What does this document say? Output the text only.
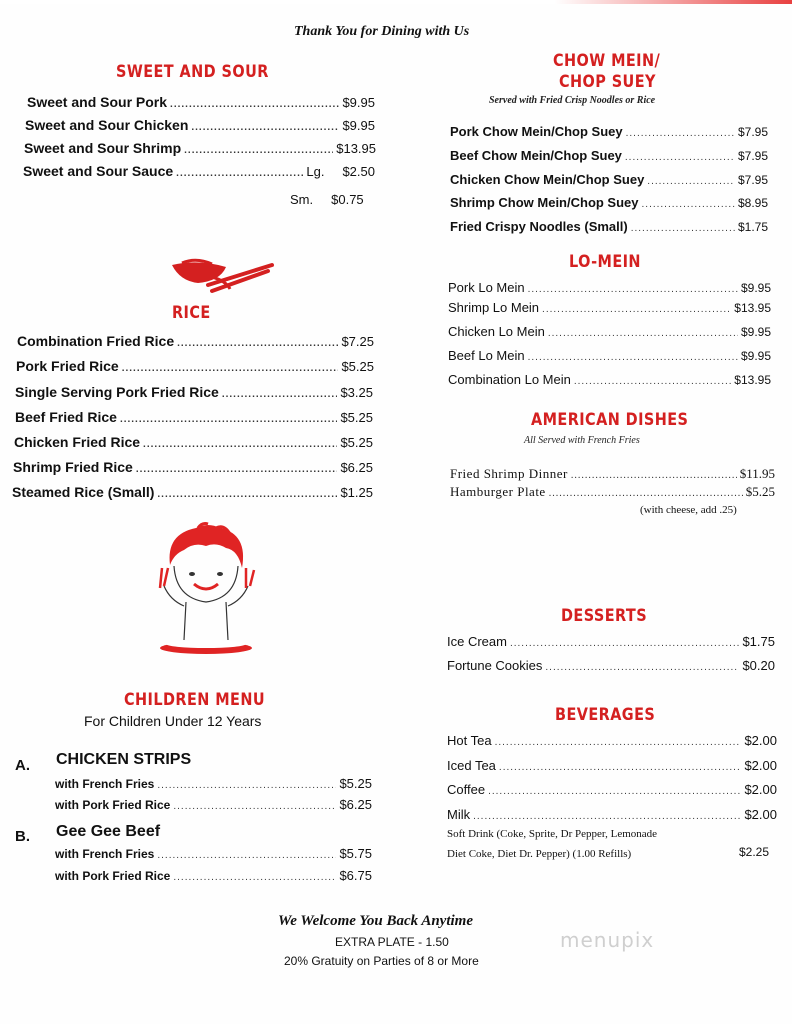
Thank You for Dining with Us
SWEET AND SOUR
Sweet and Sour Pork .....	$9.95
Sweet and Sour Chicken .....	$9.95
Sweet and Sour Shrimp .....	$13.95
Sweet and Sour Sauce .....	Lg. $2.50
Sm. $0.75
RICE
Combination Fried Rice .....	$7.25
Pork Fried Rice .....	$5.25
Single Serving Pork Fried Rice .....	$3.25
Beef Fried Rice .....	$5.25
Chicken Fried Rice .....	$5.25
Shrimp Fried Rice .....	$6.25
Steamed Rice (Small) .....	$1.25
CHILDREN MENU
For Children Under 12 Years
A. CHICKEN STRIPS
with French Fries .....	$5.25
with Pork Fried Rice .....	$6.25
B. Gee Gee Beef
with French Fries .....	$5.75
with Pork Fried Rice .....	$6.75
CHOW MEIN/
CHOP SUEY
Served with Fried Crisp Noodles or Rice
Pork Chow Mein/Chop Suey .....	$7.95
Beef Chow Mein/Chop Suey .....	$7.95
Chicken Chow Mein/Chop Suey .....	$7.95
Shrimp Chow Mein/Chop Suey .....	$8.95
Fried Crispy Noodles (Small) .....	$1.75
LO-MEIN
Pork Lo Mein .....	$9.95
Shrimp Lo Mein .....	$13.95
Chicken Lo Mein .....	$9.95
Beef Lo Mein .....	$9.95
Combination Lo Mein .....	$13.95
AMERICAN DISHES
All Served with French Fries
Fried Shrimp Dinner .....	$11.95
Hamburger Plate .....	$5.25
(with cheese, add .25)
DESSERTS
Ice Cream .....	$1.75
Fortune Cookies .....	$0.20
BEVERAGES
Hot Tea .....	$2.00
Iced Tea .....	$2.00
Coffee .....	$2.00
Milk .....	$2.00
Soft Drink (Coke, Sprite, Dr Pepper, Lemonade
Diet Coke, Diet Dr. Pepper) (1.00 Refills)	$2.25
We Welcome You Back Anytime
EXTRA PLATE - 1.50
20% Gratuity on Parties of 8 or More
menupix
